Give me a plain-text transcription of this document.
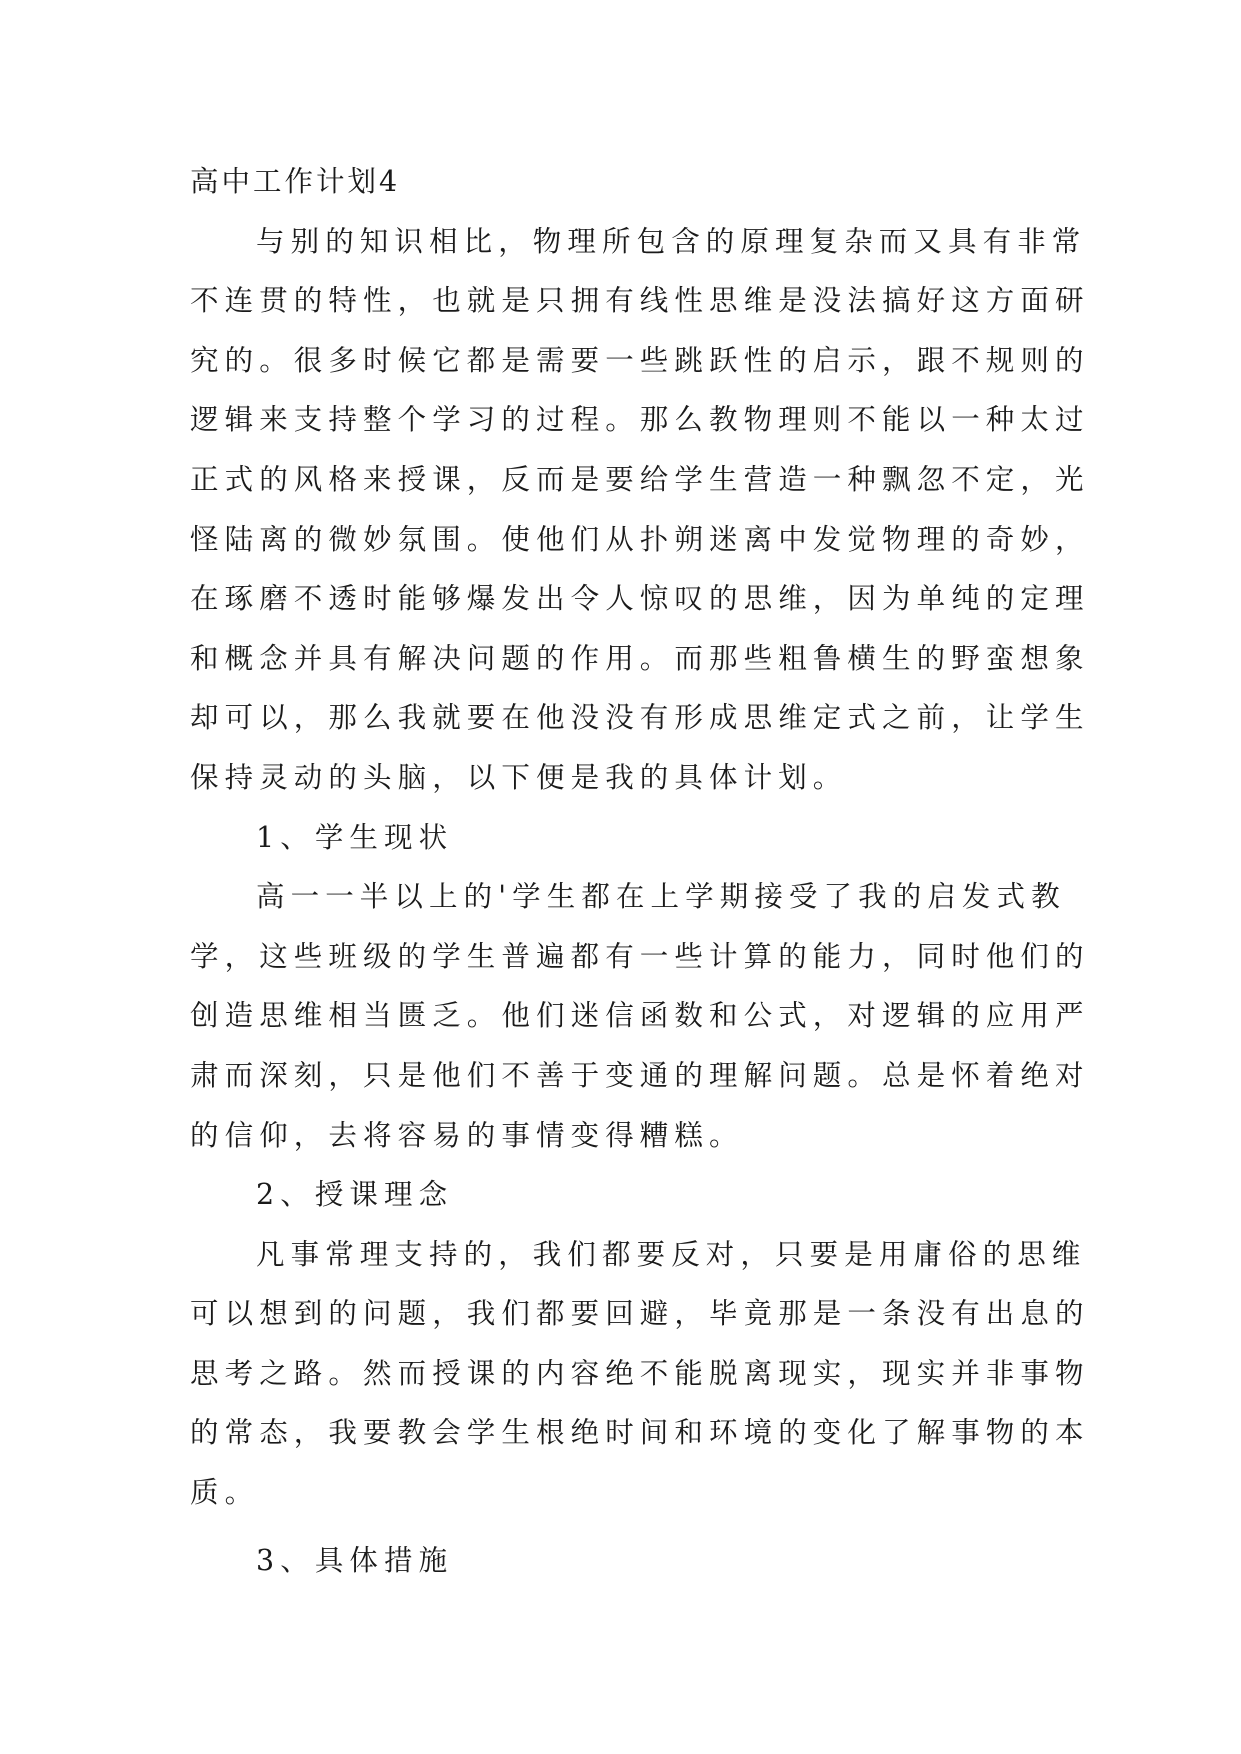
高中工作计划4
与别的知识相比，物理所包含的原理复杂而又具有非常
不连贯的特性，也就是只拥有线性思维是没法搞好这方面研
究的。很多时候它都是需要一些跳跃性的启示，跟不规则的
逻辑来支持整个学习的过程。那么教物理则不能以一种太过
正式的风格来授课，反而是要给学生营造一种飘忽不定，光
怪陆离的微妙氛围。使他们从扑朔迷离中发觉物理的奇妙，
在琢磨不透时能够爆发出令人惊叹的思维，因为单纯的定理
和概念并具有解决问题的作用。而那些粗鲁横生的野蛮想象
却可以，那么我就要在他没没有形成思维定式之前，让学生
保持灵动的头脑，以下便是我的具体计划。
1、学生现状
高一一半以上的'学生都在上学期接受了我的启发式教
学，这些班级的学生普遍都有一些计算的能力，同时他们的
创造思维相当匮乏。他们迷信函数和公式，对逻辑的应用严
肃而深刻，只是他们不善于变通的理解问题。总是怀着绝对
的信仰，去将容易的事情变得糟糕。
2、授课理念
凡事常理支持的，我们都要反对，只要是用庸俗的思维
可以想到的问题，我们都要回避，毕竟那是一条没有出息的
思考之路。然而授课的内容绝不能脱离现实，现实并非事物
的常态，我要教会学生根绝时间和环境的变化了解事物的本
质。
3、具体措施
